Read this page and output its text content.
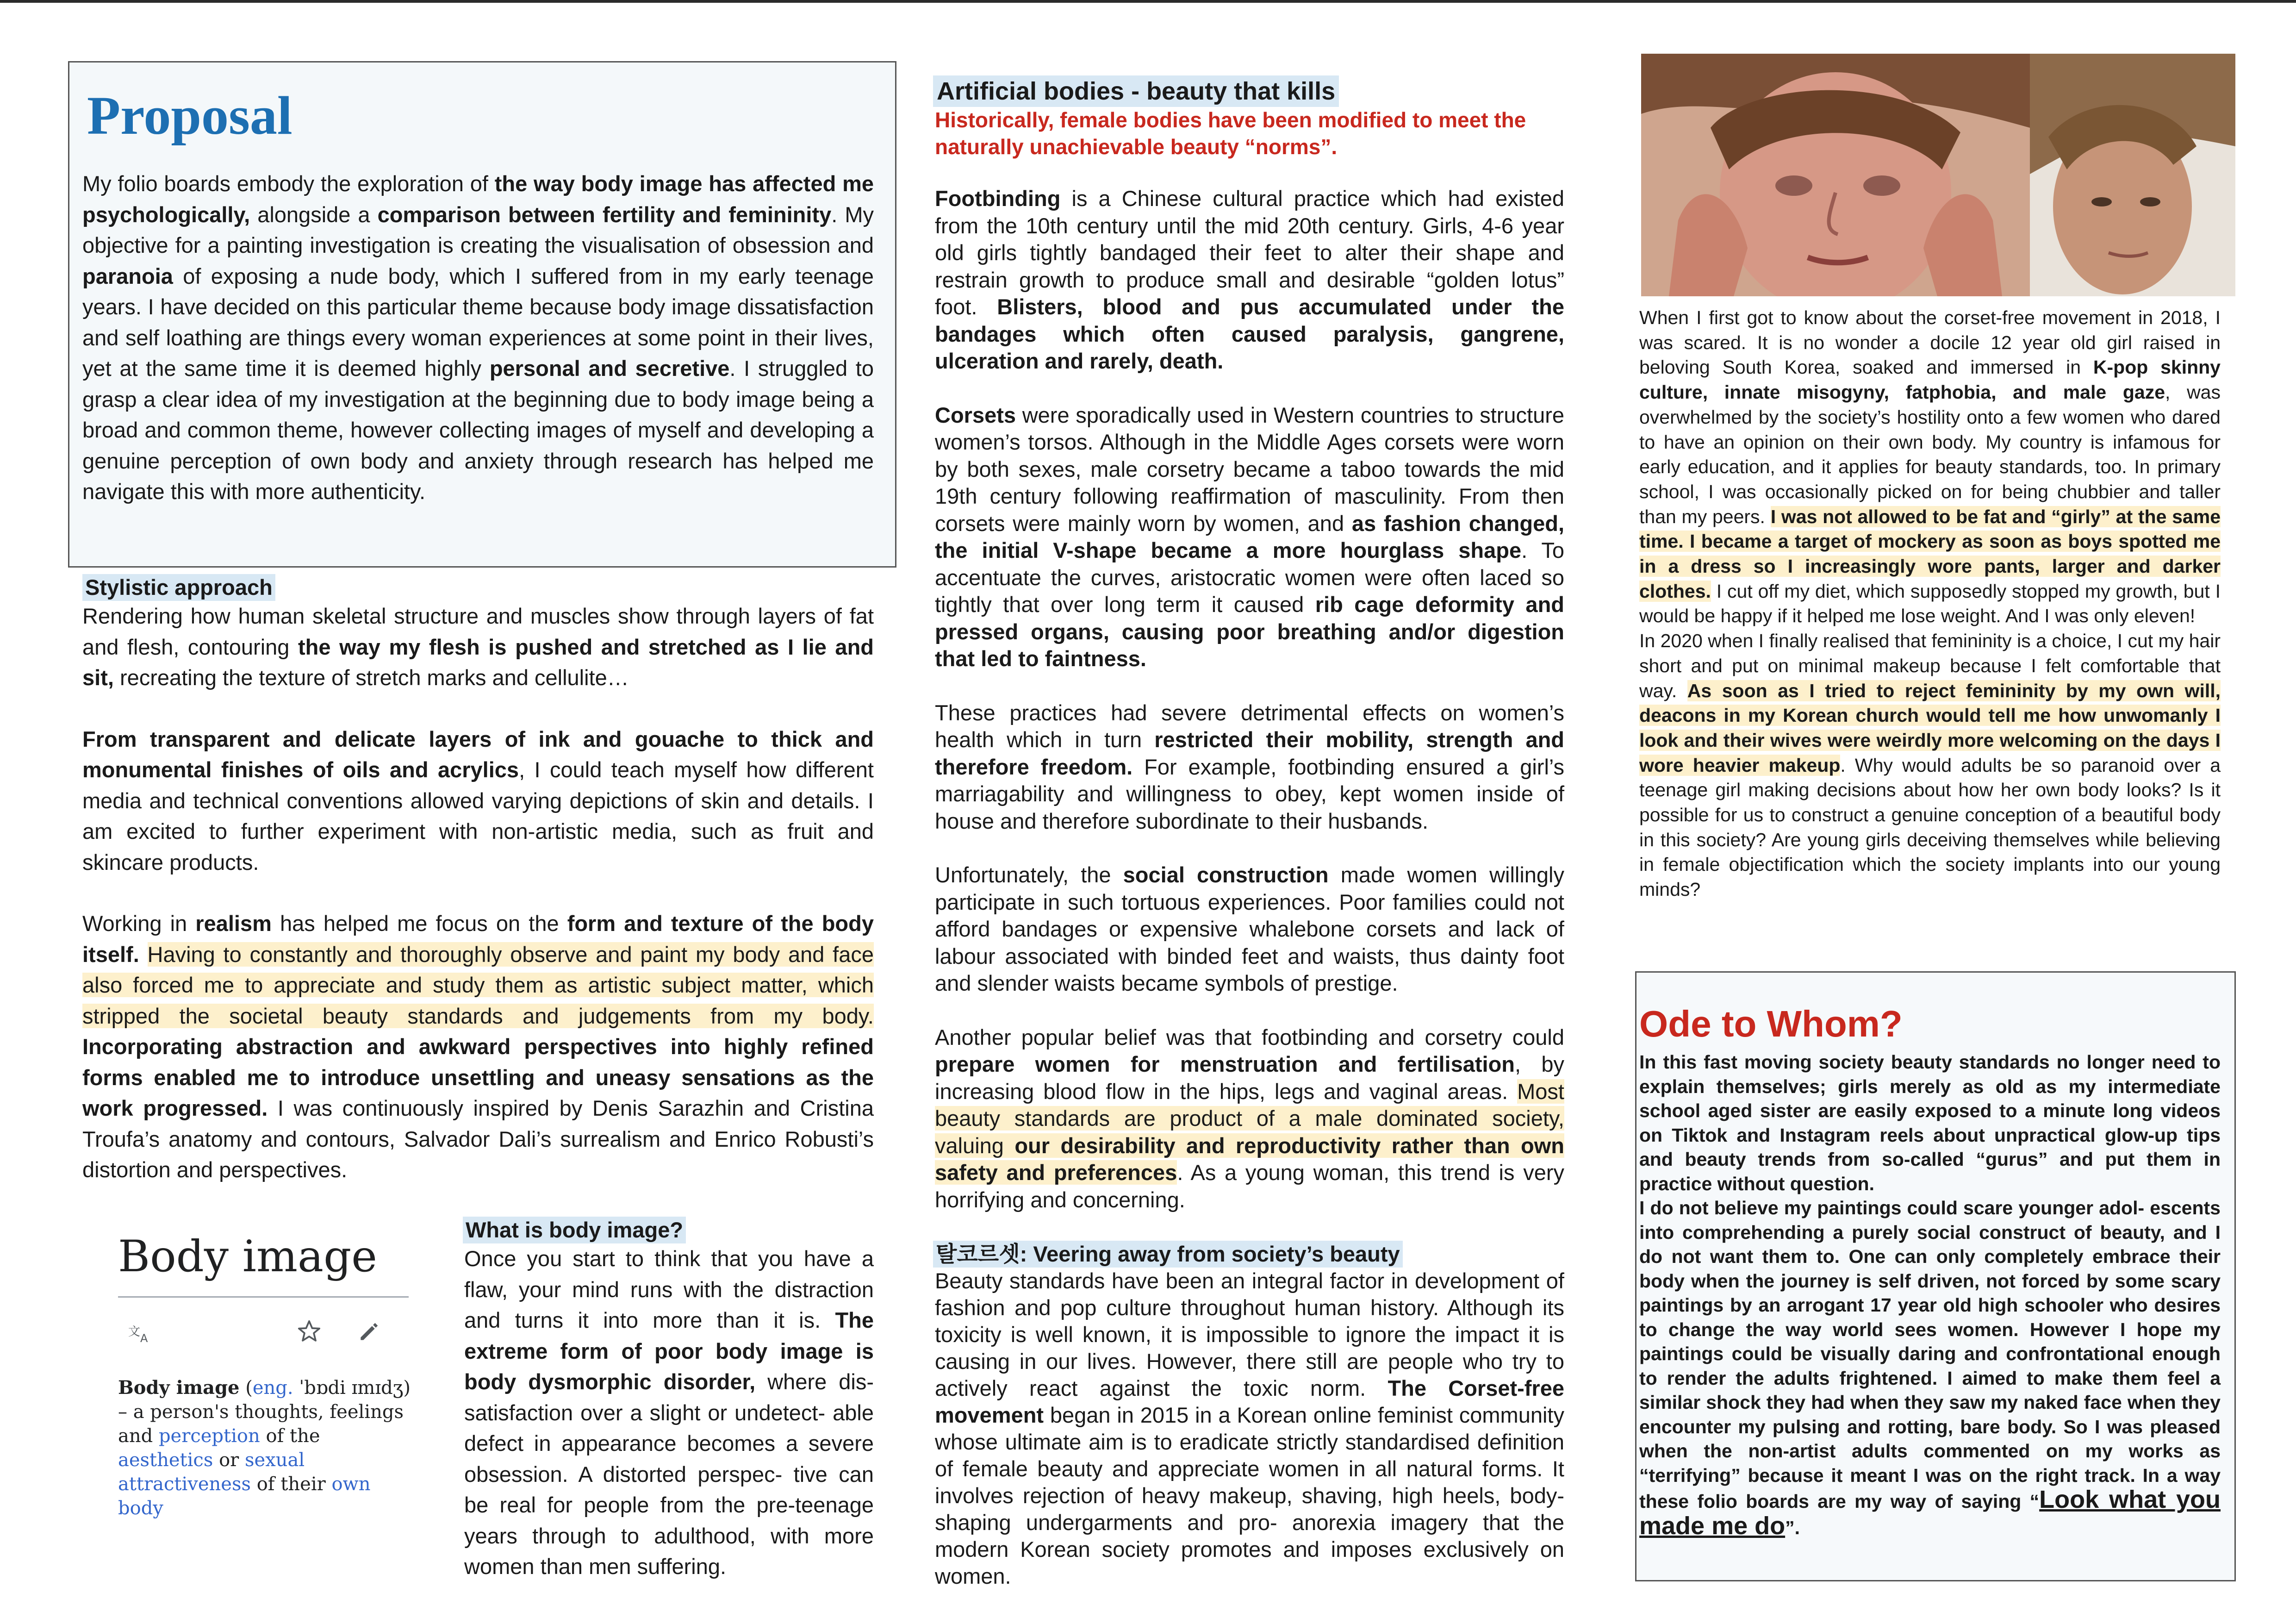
Proposal

My folio boards embody the exploration of the way body image has affected me psychologically, alongside a comparison between fertility and femininity. My objective for a painting investigation is creating the visualisation of obsession and paranoia of exposing a nude body, which I suffered from in my early teenage years. I have decided on this particular theme because body image dissatisfaction and self loathing are things every woman experiences at some point in their lives, yet at the same time it is deemed highly personal and secretive. I struggled to grasp a clear idea of my investigation at the beginning due to body image being a broad and common theme, however collecting images of myself and developing a genuine perception of own body and anxiety through research has helped me navigate this with more authenticity.

Stylistic approach

Rendering how human skeletal structure and muscles show through layers of fat and flesh, contouring the way my flesh is pushed and stretched as I lie and sit, recreating the texture of stretch marks and cellulite…

From transparent and delicate layers of ink and gouache to thick and monumental finishes of oils and acrylics, I could teach myself how different media and technical conventions allowed varying depictions of skin and details. I am excited to further experiment with non-artistic media, such as fruit and skincare products.

Working in realism has helped me focus on the form and texture of the body itself. Having to constantly and thoroughly observe and paint my body and face also forced me to appreciate and study them as artistic subject matter, which stripped the societal beauty standards and judgements from my body. Incorporating abstraction and awkward perspectives into highly refined forms enabled me to introduce unsettling and uneasy sensations as the work progressed. I was continuously inspired by Denis Sarazhin and Cristina Troufa’s anatomy and contours, Salvador Dali’s surrealism and Enrico Robusti’s distortion and perspectives.

Body image
文 A

Body image (eng. ˈbɒdi ɪmɪdʒ) – a person's thoughts, feelings and perception of the aesthetics or sexual attractiveness of their own body

What is body image?

Once you start to think that you have a flaw, your mind runs with the distraction and turns it into more than it is. The extreme form of poor body image is body dysmorphic disorder, where dis- satisfaction over a slight or undetect- able defect in appearance becomes a severe obsession. A distorted perspec- tive can be real for people from the pre-teenage years through to adulthood, with more women than men suffering.

Artificial bodies - beauty that kills

Historically, female bodies have been modified to meet the naturally unachievable beauty “norms”.

Footbinding is a Chinese cultural practice which had existed from the 10th century until the mid 20th century. Girls, 4-6 year old girls tightly bandaged their feet to alter their shape and restrain growth to produce small and desirable “golden lotus” foot. Blisters, blood and pus accumulated under the bandages which often caused paralysis, gangrene, ulceration and rarely, death.

Corsets were sporadically used in Western countries to structure women’s torsos. Although in the Middle Ages corsets were worn by both sexes, male corsetry became a taboo towards the mid 19th century following reaffirmation of masculinity. From then corsets were mainly worn by women, and as fashion changed, the initial V-shape became a more hourglass shape. To accentuate the curves, aristocratic women were often laced so tightly that over long term it caused rib cage deformity and pressed organs, causing poor breathing and/or digestion that led to faintness.

These practices had severe detrimental effects on women’s health which in turn restricted their mobility, strength and therefore freedom. For example, footbinding ensured a girl’s marriagability and willingness to obey, kept women inside of house and therefore subordinate to their husbands.

Unfortunately, the social construction made women willingly participate in such tortuous experiences. Poor families could not afford bandages or expensive whalebone corsets and lack of labour associated with binded feet and waists, thus dainty foot and slender waists became symbols of prestige.

Another popular belief was that footbinding and corsetry could prepare women for menstruation and fertilisation, by increasing blood flow in the hips, legs and vaginal areas. Most beauty standards are product of a male dominated society, valuing our desirability and reproductivity rather than own safety and preferences. As a young woman, this trend is very horrifying and concerning.

탈코르셋: Veering away from society’s beauty

Beauty standards have been an integral factor in development of fashion and pop culture throughout human history. Although its toxicity is well known, it is impossible to ignore the impact it is causing in our lives. However, there still are people who try to actively react against the toxic norm. The Corset-free movement began in 2015 in a Korean online feminist community whose ultimate aim is to eradicate strictly standardised definition of female beauty and appreciate women in all natural forms. It involves rejection of heavy makeup, shaving, high heels, body-shaping undergarments and pro- anorexia imagery that the modern Korean society promotes and imposes exclusively on women.

When I first got to know about the corset-free movement in 2018, I was scared. It is no wonder a docile 12 year old girl raised in beloving South Korea, soaked and immersed in K-pop skinny culture, innate misogyny, fatphobia, and male gaze, was overwhelmed by the society’s hostility onto a few women who dared to have an opinion on their own body. My country is infamous for early education, and it applies for beauty standards, too. In primary school, I was occasionally picked on for being chubbier and taller than my peers. I was not allowed to be fat and “girly” at the same time. I became a target of mockery as soon as boys spotted me in a dress so I increasingly wore pants, larger and darker clothes. I cut off my diet, which supposedly stopped my growth, but I would be happy if it helped me lose weight. And I was only eleven!

In 2020 when I finally realised that femininity is a choice, I cut my hair short and put on minimal makeup because I felt comfortable that way. As soon as I tried to reject femininity by my own will, deacons in my Korean church would tell me how unwomanly I look and their wives were weirdly more welcoming on the days I wore heavier makeup. Why would adults be so paranoid over a teenage girl making decisions about how her own body looks? Is it possible for us to construct a genuine conception of a beautiful body in this society? Are young girls deceiving themselves while believing in female objectification which the society implants into our young minds?

Ode to Whom?

In this fast moving society beauty standards no longer need to explain themselves; girls merely as old as my intermediate school aged sister are easily exposed to a minute long videos on Tiktok and Instagram reels about unpractical glow-up tips and beauty trends from so-called “gurus” and put them in practice without question.

I do not believe my paintings could scare younger adol- escents into comprehending a purely social construct of beauty, and I do not want them to. One can only completely embrace their body when the journey is self driven, not forced by some scary paintings by an arrogant 17 year old high schooler who desires to change the way world sees women. However I hope my paintings could be visually daring and confrontational enough to render the adults frightened. I aimed to make them feel a similar shock they had when they saw my naked face when they encounter my pulsing and rotting, bare body. So I was pleased when the non-artist adults commented on my works as “terrifying” because it meant I was on the right track. In a way these folio boards are my way of saying “Look what you made me do”.
